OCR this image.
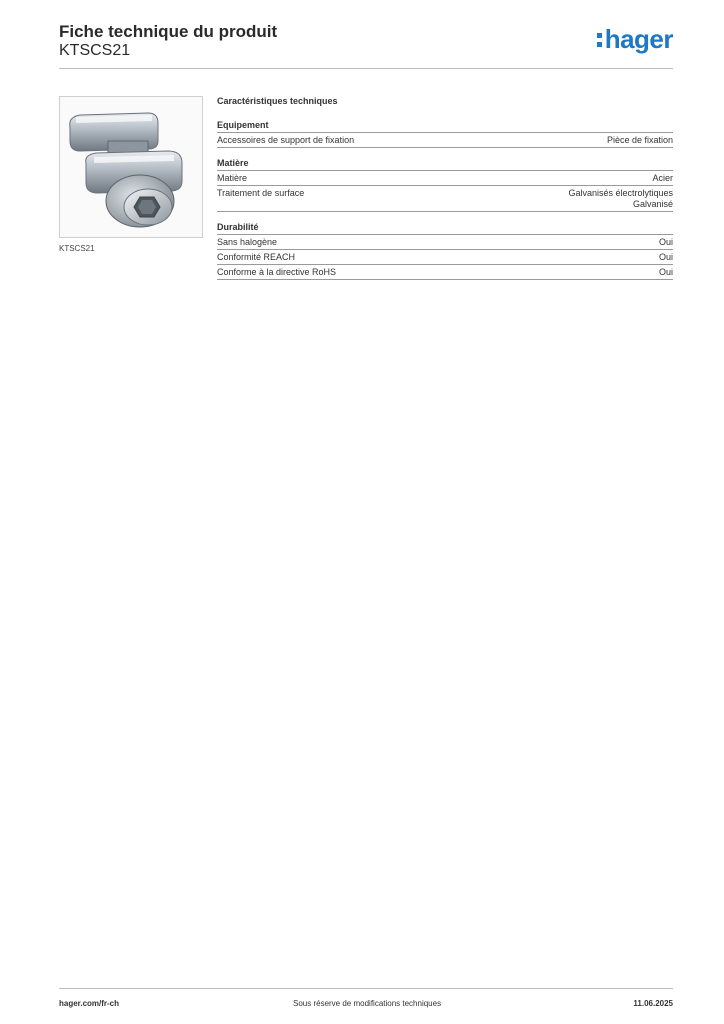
Fiche technique du produit
KTSCS21	hager
KTSCS21
Caractéristiques techniques
Equipement
Accessoires de support de fixation	Pièce de fixation
Matière
Matière	Acier
Traitement de surface	Galvanisés électrolytiques
Galvanisé
Durabilité
Sans halogène	Oui
Conformité REACH	Oui
Conforme à la directive RoHS	Oui
hager.com/fr-ch	Sous réserve de modifications techniques	11.06.2025
